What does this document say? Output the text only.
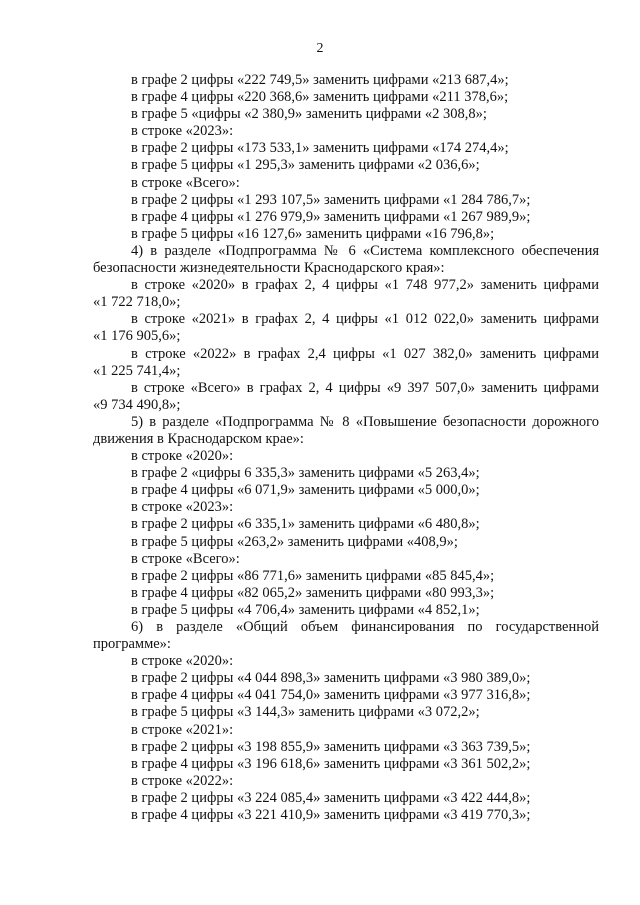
2
в графе 2 цифры «222 749,5» заменить цифрами «213 687,4»;
в графе 4 цифры «220 368,6» заменить цифрами «211 378,6»;
в графе 5 «цифры «2 380,9» заменить цифрами «2 308,8»;
в строке «2023»:
в графе 2 цифры «173 533,1» заменить цифрами «174 274,4»;
в графе 5 цифры «1 295,3» заменить цифрами «2 036,6»;
в строке «Всего»:
в графе 2 цифры «1 293 107,5» заменить цифрами «1 284 786,7»;
в графе 4 цифры «1 276 979,9» заменить цифрами «1 267 989,9»;
в графе 5 цифры «16 127,6» заменить цифрами «16 796,8»;
4) в разделе «Подпрограмма № 6 «Система комплексного обеспечения
безопасности жизнедеятельности Краснодарского края»:
в строке «2020» в графах 2, 4 цифры «1 748 977,2» заменить цифрами
«1 722 718,0»;
в строке «2021» в графах 2, 4 цифры «1 012 022,0» заменить цифрами
«1 176 905,6»;
в строке «2022» в графах 2,4 цифры «1 027 382,0» заменить цифрами
«1 225 741,4»;
в строке «Всего» в графах 2, 4 цифры «9 397 507,0» заменить цифрами
«9 734 490,8»;
5) в разделе «Подпрограмма № 8 «Повышение безопасности дорожного
движения в Краснодарском крае»:
в строке «2020»:
в графе 2 «цифры 6 335,3» заменить цифрами «5 263,4»;
в графе 4 цифры «6 071,9» заменить цифрами «5 000,0»;
в строке «2023»:
в графе 2 цифры «6 335,1» заменить цифрами «6 480,8»;
в графе 5 цифры «263,2» заменить цифрами «408,9»;
в строке «Всего»:
в графе 2 цифры «86 771,6» заменить цифрами «85 845,4»;
в графе 4 цифры «82 065,2» заменить цифрами «80 993,3»;
в графе 5 цифры «4 706,4» заменить цифрами «4 852,1»;
6) в разделе «Общий объем финансирования по государственной
программе»:
в строке «2020»:
в графе 2 цифры «4 044 898,3» заменить цифрами «3 980 389,0»;
в графе 4 цифры «4 041 754,0» заменить цифрами «3 977 316,8»;
в графе 5 цифры «3 144,3» заменить цифрами «3 072,2»;
в строке «2021»:
в графе 2 цифры «3 198 855,9» заменить цифрами «3 363 739,5»;
в графе 4 цифры «3 196 618,6» заменить цифрами «3 361 502,2»;
в строке «2022»:
в графе 2 цифры «3 224 085,4» заменить цифрами «3 422 444,8»;
в графе 4 цифры «3 221 410,9» заменить цифрами «3 419 770,3»;
